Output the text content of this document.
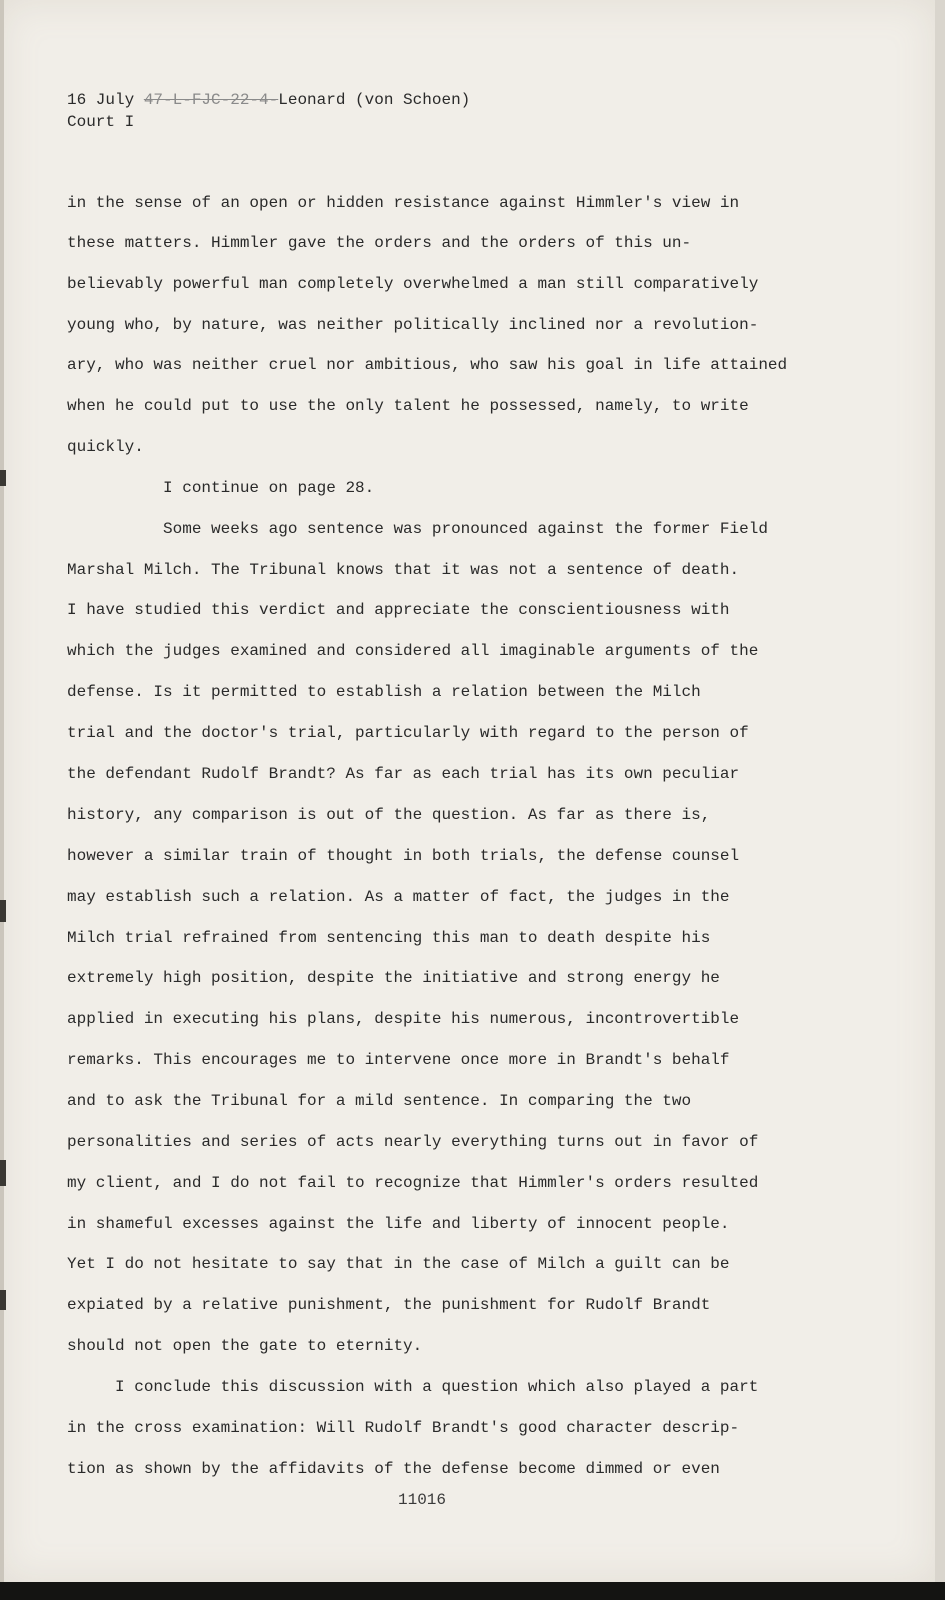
16 July 47-L-FJC-22-4-Leonard (von Schoen)

Court I

in the sense of an open or hidden resistance against Himmler's view in

these matters. Himmler gave the orders and the orders of this un-

believably powerful man completely overwhelmed a man still comparatively

young who, by nature, was neither politically inclined nor a revolution-

ary, who was neither cruel nor ambitious, who saw his goal in life attained

when he could put to use the only talent he possessed, namely, to write

quickly.

I continue on page 28.

Some weeks ago sentence was pronounced against the former Field

Marshal Milch. The Tribunal knows that it was not a sentence of death.

I have studied this verdict and appreciate the conscientiousness with

which the judges examined and considered all imaginable arguments of the

defense. Is it permitted to establish a relation between the Milch

trial and the doctor's trial, particularly with regard to the person of

the defendant Rudolf Brandt? As far as each trial has its own peculiar

history, any comparison is out of the question. As far as there is,

however a similar train of thought in both trials, the defense counsel

may establish such a relation. As a matter of fact, the judges in the

Milch trial refrained from sentencing this man to death despite his

extremely high position, despite the initiative and strong energy he

applied in executing his plans, despite his numerous, incontrovertible

remarks. This encourages me to intervene once more in Brandt's behalf

and to ask the Tribunal for a mild sentence. In comparing the two

personalities and series of acts nearly everything turns out in favor of

my client, and I do not fail to recognize that Himmler's orders resulted

in shameful excesses against the life and liberty of innocent people.

Yet I do not hesitate to say that in the case of Milch a guilt can be

expiated by a relative punishment, the punishment for Rudolf Brandt

should not open the gate to eternity.

I conclude this discussion with a question which also played a part

in the cross examination: Will Rudolf Brandt's good character descrip-

tion as shown by the affidavits of the defense become dimmed or even

11016
